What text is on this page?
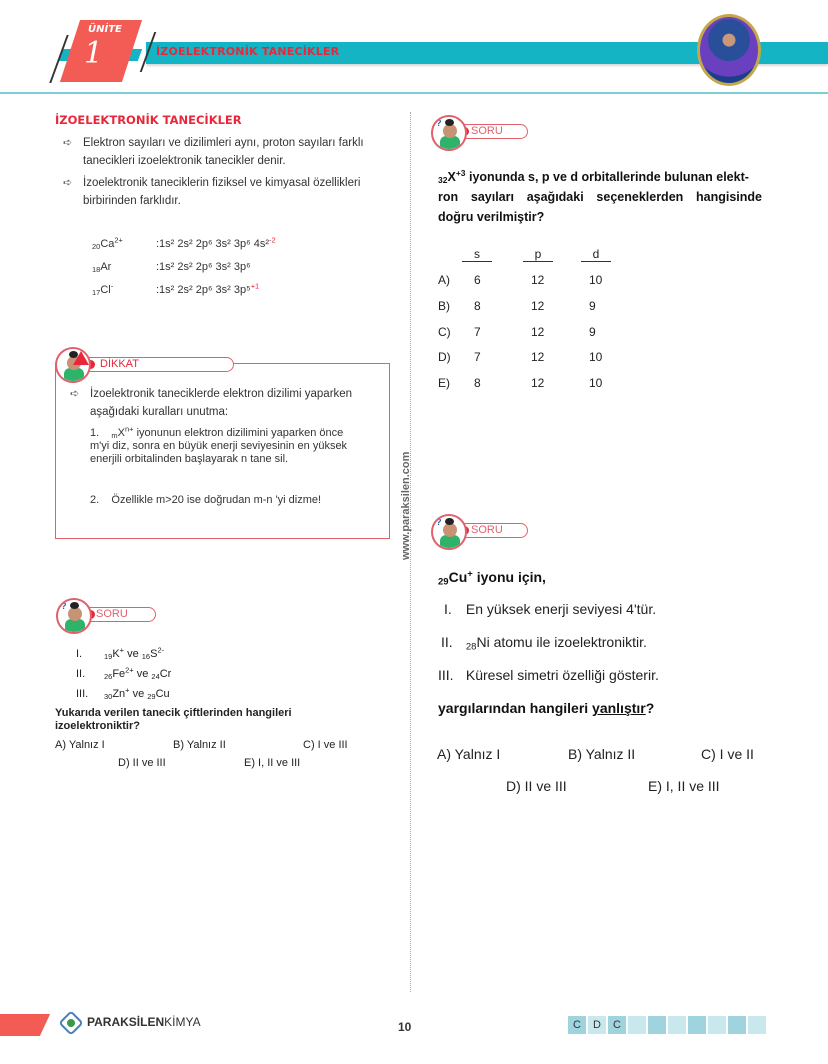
ÜNİTE
1	İZOELEKTRONİK TANECİKLER
www.paraksilen.com
İZOELEKTRONİK TANECİKLER
➪ Elektron sayıları ve dizilimleri aynı, proton sayıları farklı
tanecikleri izoelektronik tanecikler denir.
➪ İzoelektronik taneciklerin fiziksel ve kimyasal özellikleri
birbirinden farklıdır.
$_{20}Ca^{2+}$	:1s² 2s² 2p⁶ 3s² 3p⁶ 4s²$^{-2}$
$_{18}$Ar	:1s² 2s² 2p⁶ 3s² 3p⁶
$_{17}$Cl-	:1s² 2s² 2p⁶ 3s² 3p⁵$^{+1}$
DİKKAT
➪ İzoelektronik taneciklerde elektron dizilimi yaparken
aşağıdaki kuralları unutma:
1. $_mX^{n+}$ iyonunun elektron dizilimini yaparken önce
m'yi diz, sonra en büyük enerji seviyesinin en yüksek
enerjili orbitalinden başlayarak n tane sil.
2. Özellikle m>20 ise doğrudan m-n 'yi dizme!
SORU
?
I.	$_{19}$K+ ve $_{16}S^{2-}$
II.	$_{26}Fe^{2+}$ ve $_{24}$Cr
III. $_{30}$Zn+ ve $_{29}$Cu
Yukarıda verilen tanecik çiftlerinden hangileri
izoelektroniktir?
A) Yalnız I	B) Yalnız II	C) I ve III
D) II ve III	E) I, II ve III
SORU
?
$_{32}X^{+3}$ iyonunda s, p ve d orbitallerinde bulunan elekt-
ron sayıları aşağıdaki seçeneklerden hangisinde
doğru verilmiştir?
s	p	d
A) 6	12	10
B) 8	12	9
C) 7	12	9
D) 7	12	10
E) 8	12	10
SORU
?
$_{29}$Cu+ iyonu için,
I. En yüksek enerji seviyesi 4'tür.
II. $_{28}$Ni atomu ile izoelektroniktir.
III. Küresel simetri özelliği gösterir.
yargılarından hangileri yanlıştır?
A) Yalnız I	B) Yalnız II	C) I ve II
D) II ve III	E) I, II ve III
PARAKSİLENKİMYA	10	C	D	C
